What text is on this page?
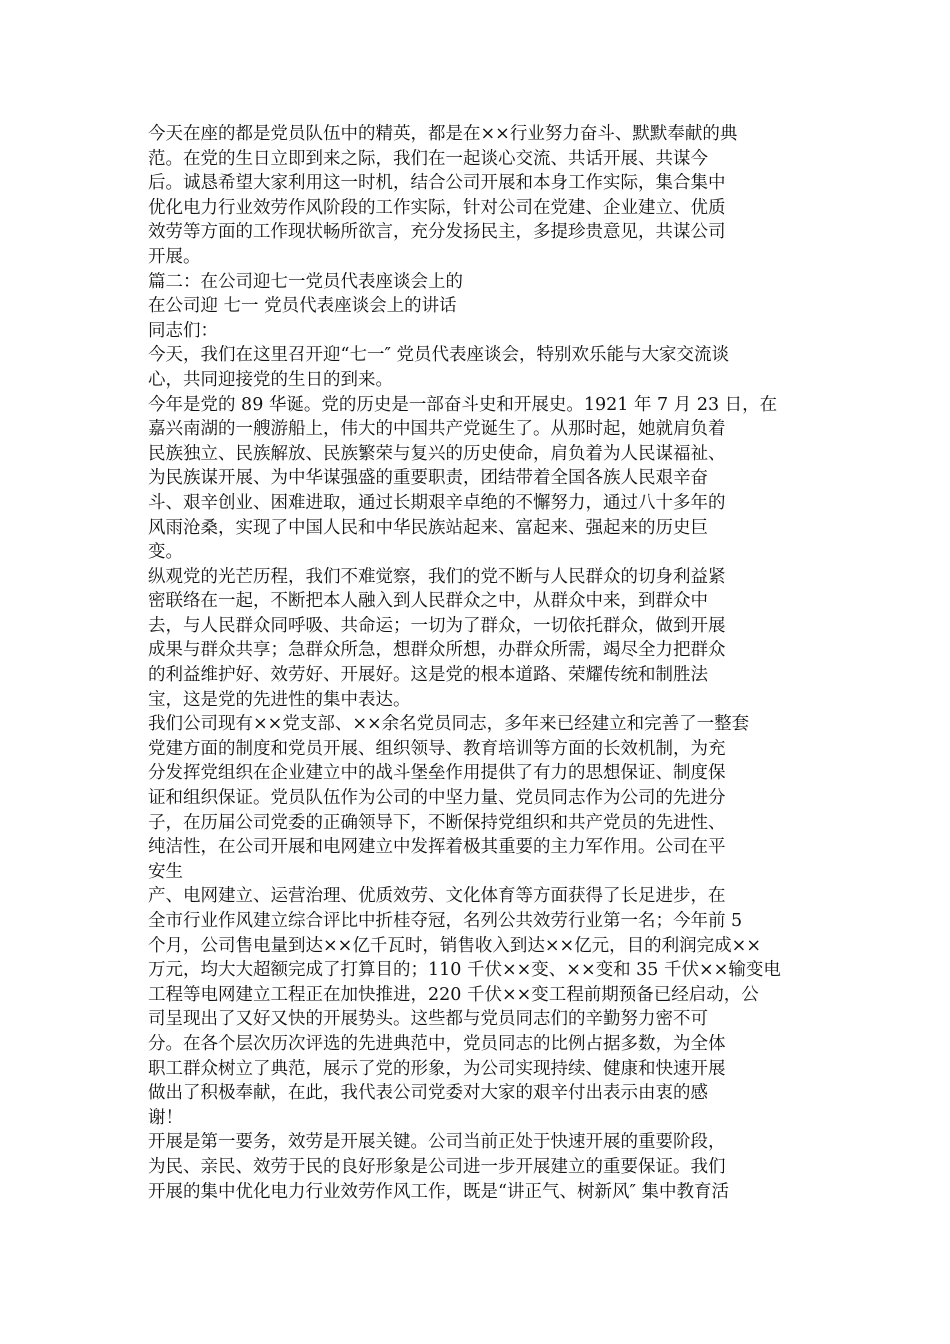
今天在座的都是党员队伍中的精英，都是在××行业努力奋斗、默默奉献的典
范。在党的生日立即到来之际，我们在一起谈心交流、共话开展、共谋今
后。诚恳希望大家利用这一时机，结合公司开展和本身工作实际，集合集中
优化电力行业效劳作风阶段的工作实际，针对公司在党建、企业建立、优质
效劳等方面的工作现状畅所欲言，充分发扬民主，多提珍贵意见，共谋公司
开展。
篇二：在公司迎七一党员代表座谈会上的
在公司迎 七一 党员代表座谈会上的讲话
同志们：
今天，我们在这里召开迎“七一″ 党员代表座谈会，特别欢乐能与大家交流谈
心，共同迎接党的生日的到来。
今年是党的 89 华诞。党的历史是一部奋斗史和开展史。1921 年 7 月 23 日，在
嘉兴南湖的一艘游船上，伟大的中国共产党诞生了。从那时起，她就肩负着
民族独立、民族解放、民族繁荣与复兴的历史使命，肩负着为人民谋福祉、
为民族谋开展、为中华谋强盛的重要职责，团结带着全国各族人民艰辛奋
斗、艰辛创业、困难进取，通过长期艰辛卓绝的不懈努力，通过八十多年的
风雨沧桑，实现了中国人民和中华民族站起来、富起来、强起来的历史巨
变。
纵观党的光芒历程，我们不难觉察，我们的党不断与人民群众的切身利益紧
密联络在一起，不断把本人融入到人民群众之中，从群众中来，到群众中
去，与人民群众同呼吸、共命运；一切为了群众，一切依托群众，做到开展
成果与群众共享；急群众所急，想群众所想，办群众所需，竭尽全力把群众
的利益维护好、效劳好、开展好。这是党的根本道路、荣耀传统和制胜法
宝，这是党的先进性的集中表达。
我们公司现有××党支部、××余名党员同志，多年来已经建立和完善了一整套
党建方面的制度和党员开展、组织领导、教育培训等方面的长效机制，为充
分发挥党组织在企业建立中的战斗堡垒作用提供了有力的思想保证、制度保
证和组织保证。党员队伍作为公司的中坚力量、党员同志作为公司的先进分
子，在历届公司党委的正确领导下，不断保持党组织和共产党员的先进性、
纯洁性，在公司开展和电网建立中发挥着极其重要的主力军作用。公司在平
安生
产、电网建立、运营治理、优质效劳、文化体育等方面获得了长足进步，在
全市行业作风建立综合评比中折桂夺冠，名列公共效劳行业第一名；今年前 5
个月，公司售电量到达××亿千瓦时，销售收入到达××亿元，目的利润完成××
万元，均大大超额完成了打算目的；110 千伏××变、××变和 35 千伏××输变电
工程等电网建立工程正在加快推进，220 千伏××变工程前期预备已经启动，公
司呈现出了又好又快的开展势头。这些都与党员同志们的辛勤努力密不可
分。在各个层次历次评选的先进典范中，党员同志的比例占据多数，为全体
职工群众树立了典范，展示了党的形象，为公司实现持续、健康和快速开展
做出了积极奉献，在此，我代表公司党委对大家的艰辛付出表示由衷的感
谢！
开展是第一要务，效劳是开展关键。公司当前正处于快速开展的重要阶段，
为民、亲民、效劳于民的良好形象是公司进一步开展建立的重要保证。我们
开展的集中优化电力行业效劳作风工作，既是“讲正气、树新风″ 集中教育活
